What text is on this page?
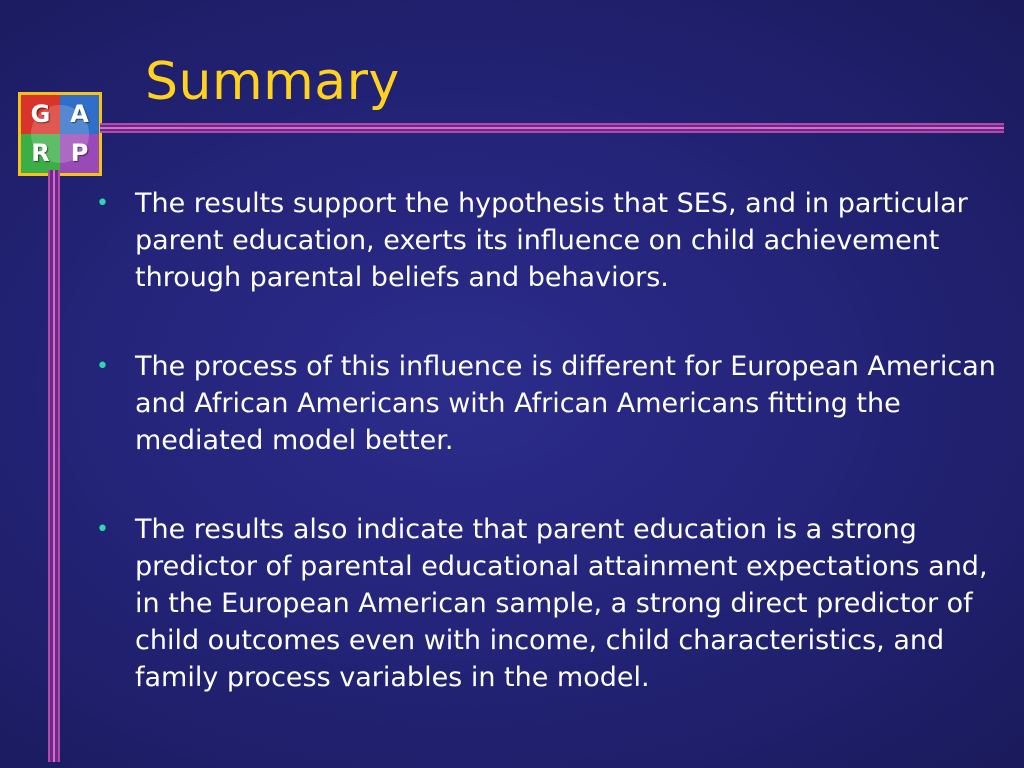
G A
R P
Summary
• The results support the hypothesis that SES, and in particular parent education, exerts its influence on child achievement through parental beliefs and behaviors.
• The process of this influence is different for European American and African Americans with African Americans fitting the mediated model better.
• The results also indicate that parent education is a strong predictor of parental educational attainment expectations and, in the European American sample, a strong direct predictor of child outcomes even with income, child characteristics, and family process variables in the model.
